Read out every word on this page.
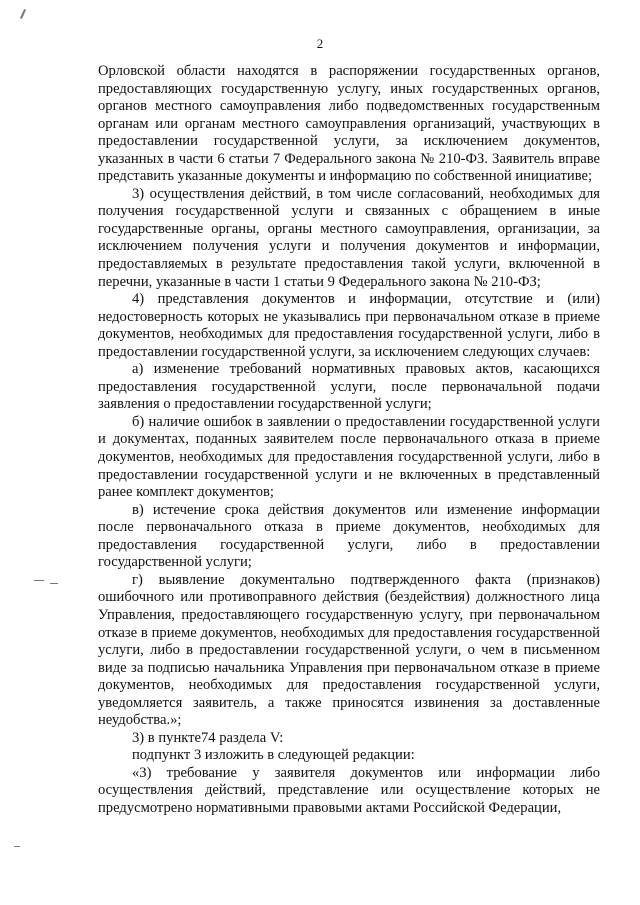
2

Орловской области находятся в распоряжении государственных органов, предоставляющих государственную услугу, иных государственных органов, органов местного самоуправления либо подведомственных государственным органам или органам местного самоуправления организаций, участвующих в предоставлении государственной услуги, за исключением документов, указанных в части 6 статьи 7 Федерального закона № 210-ФЗ. Заявитель вправе представить указанные документы и информацию по собственной инициативе;

3) осуществления действий, в том числе согласований, необходимых для получения государственной услуги и связанных с обращением в иные государственные органы, органы местного самоуправления, организации, за исключением получения услуги и получения документов и информации, предоставляемых в результате предоставления такой услуги, включенной в перечни, указанные в части 1 статьи 9 Федерального закона № 210-ФЗ;

4) представления документов и информации, отсутствие и (или) недостоверность которых не указывались при первоначальном отказе в приеме документов, необходимых для предоставления государственной услуги, либо в предоставлении государственной услуги, за исключением следующих случаев:

а) изменение требований нормативных правовых актов, касающихся предоставления государственной услуги, после первоначальной подачи заявления о предоставлении государственной услуги;

б) наличие ошибок в заявлении о предоставлении государственной услуги и документах, поданных заявителем после первоначального отказа в приеме документов, необходимых для предоставления государственной услуги, либо в предоставлении государственной услуги и не включенных в представленный ранее комплект документов;

в) истечение срока действия документов или изменение информации после первоначального отказа в приеме документов, необходимых для предоставления государственной услуги, либо в предоставлении государственной услуги;

г) выявление документально подтвержденного факта (признаков) ошибочного или противоправного действия (бездействия) должностного лица Управления, предоставляющего государственную услугу, при первоначальном отказе в приеме документов, необходимых для предоставления государственной услуги, либо в предоставлении государственной услуги, о чем в письменном виде за подписью начальника Управления при первоначальном отказе в приеме документов, необходимых для предоставления государственной услуги, уведомляется заявитель, а также приносятся извинения за доставленные неудобства.»;

3) в пункте74 раздела V:

подпункт 3 изложить в следующей редакции:

«3) требование у заявителя документов или информации либо осуществления действий, представление или осуществление которых не предусмотрено нормативными правовыми актами Российской Федерации,
